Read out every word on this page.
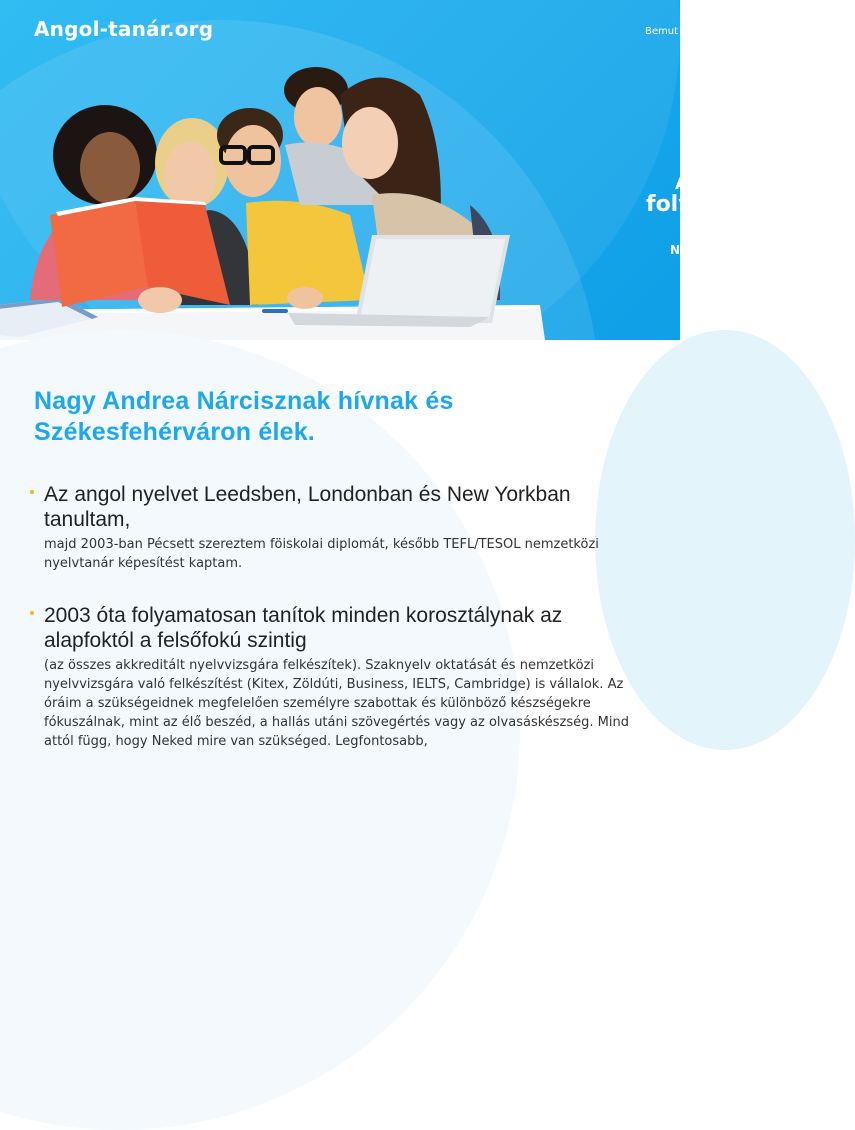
Angol-tanár.org	Bemut
A
foly
N
Nagy Andrea Nárcisznak hívnak és Székesfehérváron élek.
Az angol nyelvet Leedsben, Londonban és New Yorkban tanultam,
majd 2003-ban Pécsett szereztem föiskolai diplomát, később TEFL/TESOL nemzetközi nyelvtanár képesítést kaptam.
2003 óta folyamatosan tanítok minden korosztálynak az alapfoktól a felsőfokú szintig
(az összes akkreditált nyelvvizsgára felkészítek). Szaknyelv oktatását és nemzetközi nyelvvizsgára való felkészítést (Kitex, Zöldúti, Business, IELTS, Cambridge) is vállalok. Az óráim a szükségeidnek megfelelően személyre szabottak és különböző készségekre fókuszálnak, mint az élő beszéd, a hallás utáni szövegértés vagy az olvasáskészség. Mind attól függ, hogy Neked mire van szükséged. Legfontosabb,
